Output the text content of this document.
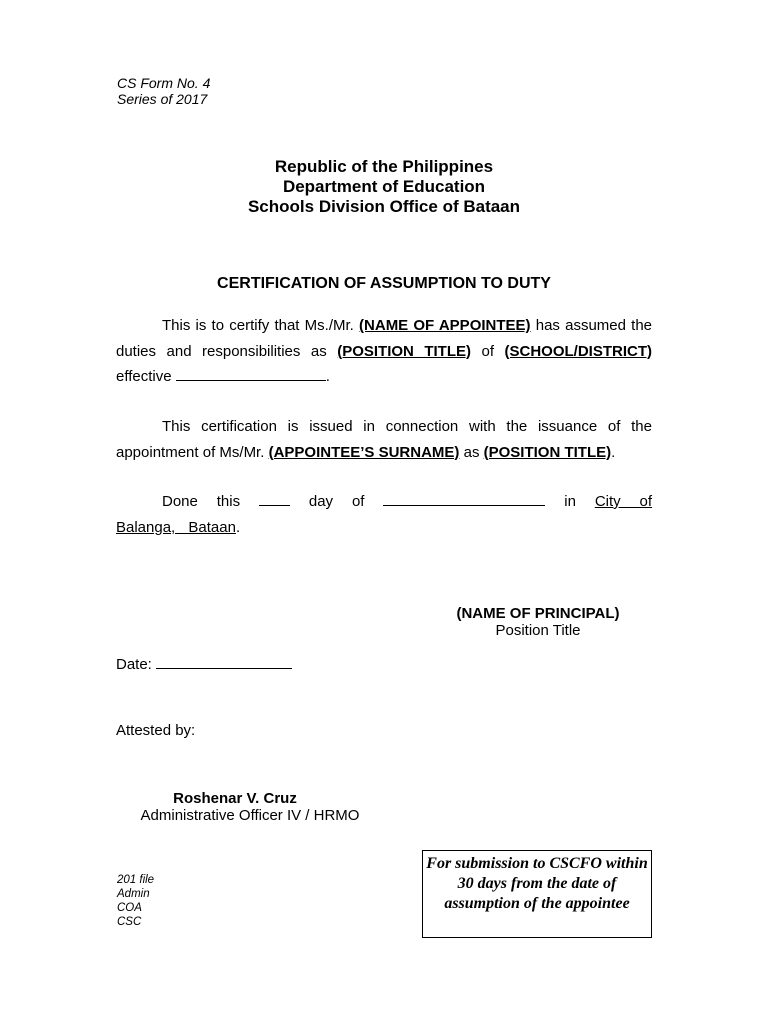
CS Form No. 4
Series of 2017
Republic of the Philippines
Department of Education
Schools Division Office of Bataan
CERTIFICATION OF ASSUMPTION TO DUTY
This is to certify that Ms./Mr. (NAME OF APPOINTEE) has assumed the duties and responsibilities as (POSITION TITLE) of (SCHOOL/DISTRICT) effective	.
This certification is issued in connection with the issuance of the appointment of Ms/Mr. (APPOINTEE’S SURNAME) as (POSITION TITLE).
Done this	day of	in City of Balanga, Bataan.
(NAME OF PRINCIPAL)
Position Title
Date:
Attested by:
Roshenar V. Cruz
Administrative Officer IV / HRMO
201 file
Admin
COA
CSC
For submission to CSCFO within 30 days from the date of assumption of the appointee
